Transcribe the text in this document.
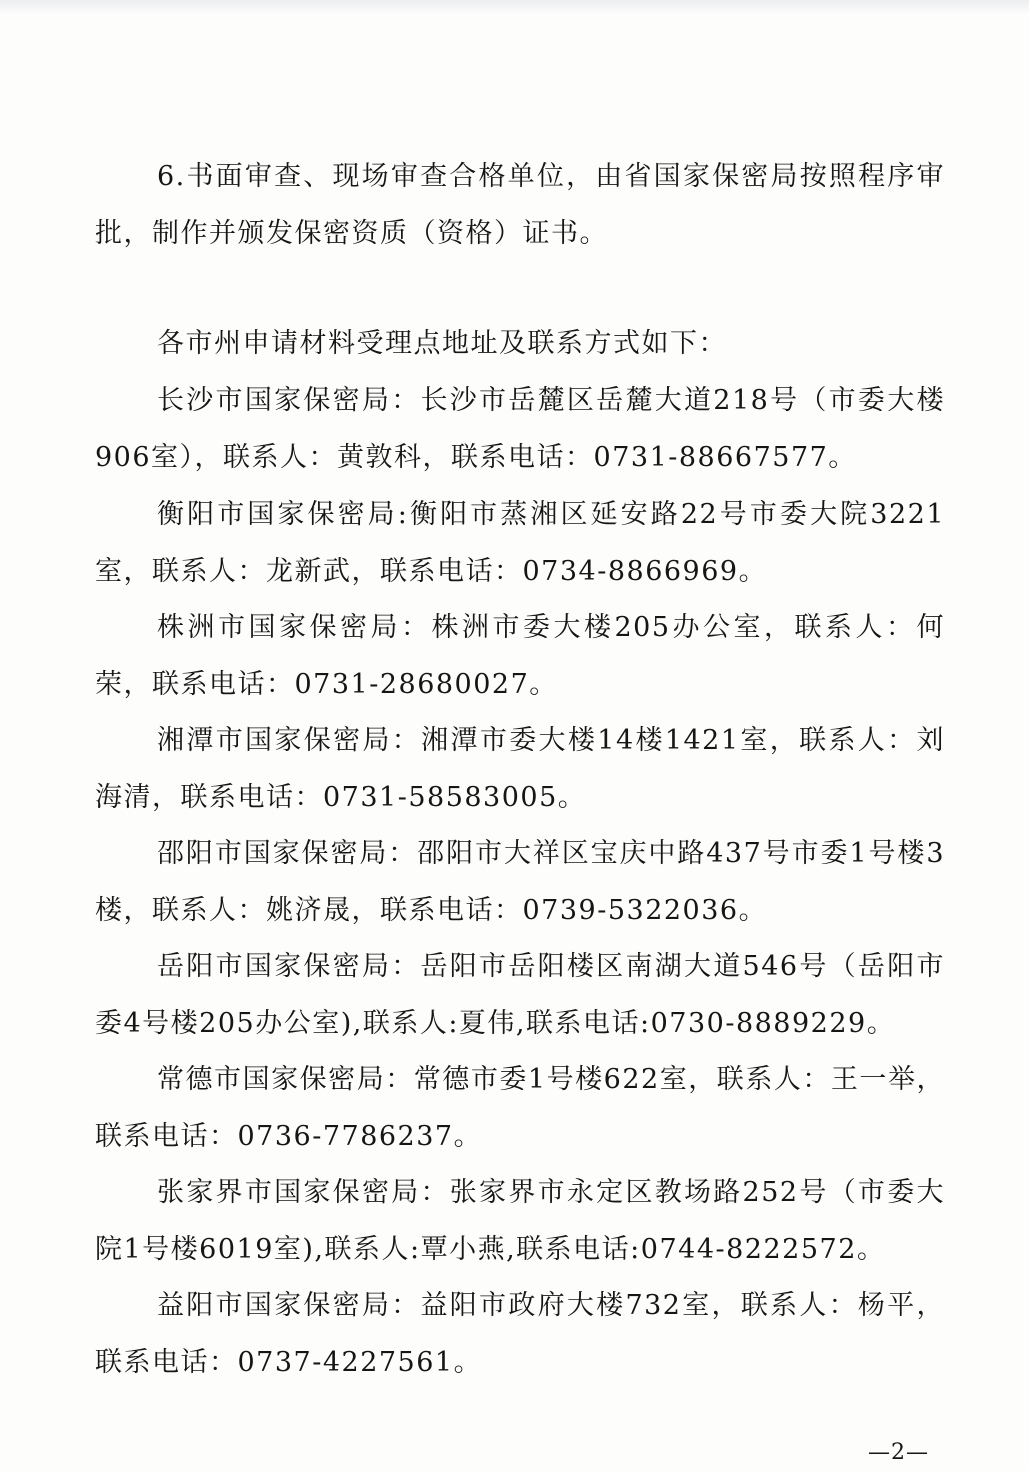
6.书面审查、现场审查合格单位，由省国家保密局按照程序审批，制作并颁发保密资质（资格）证书。

各市州申请材料受理点地址及联系方式如下：

长沙市国家保密局：长沙市岳麓区岳麓大道218号（市委大楼906室），联系人：黄敦科，联系电话：0731-88667577。

衡阳市国家保密局:衡阳市蒸湘区延安路22号市委大院3221室，联系人：龙新武，联系电话：0734-8866969。

株洲市国家保密局：株洲市委大楼205办公室，联系人：何荣，联系电话：0731-28680027。

湘潭市国家保密局：湘潭市委大楼14楼1421室，联系人：刘海清，联系电话：0731-58583005。

邵阳市国家保密局：邵阳市大祥区宝庆中路437号市委1号楼3楼，联系人：姚济晟，联系电话：0739-5322036。

岳阳市国家保密局：岳阳市岳阳楼区南湖大道546号（岳阳市委4号楼205办公室),联系人:夏伟,联系电话:0730-8889229。

常德市国家保密局：常德市委1号楼622室，联系人：王一举，联系电话：0736-7786237。

张家界市国家保密局：张家界市永定区教场路252号（市委大院1号楼6019室),联系人:覃小燕,联系电话:0744-8222572。

益阳市国家保密局：益阳市政府大楼732室，联系人：杨平，联系电话：0737-4227561。

—2—
